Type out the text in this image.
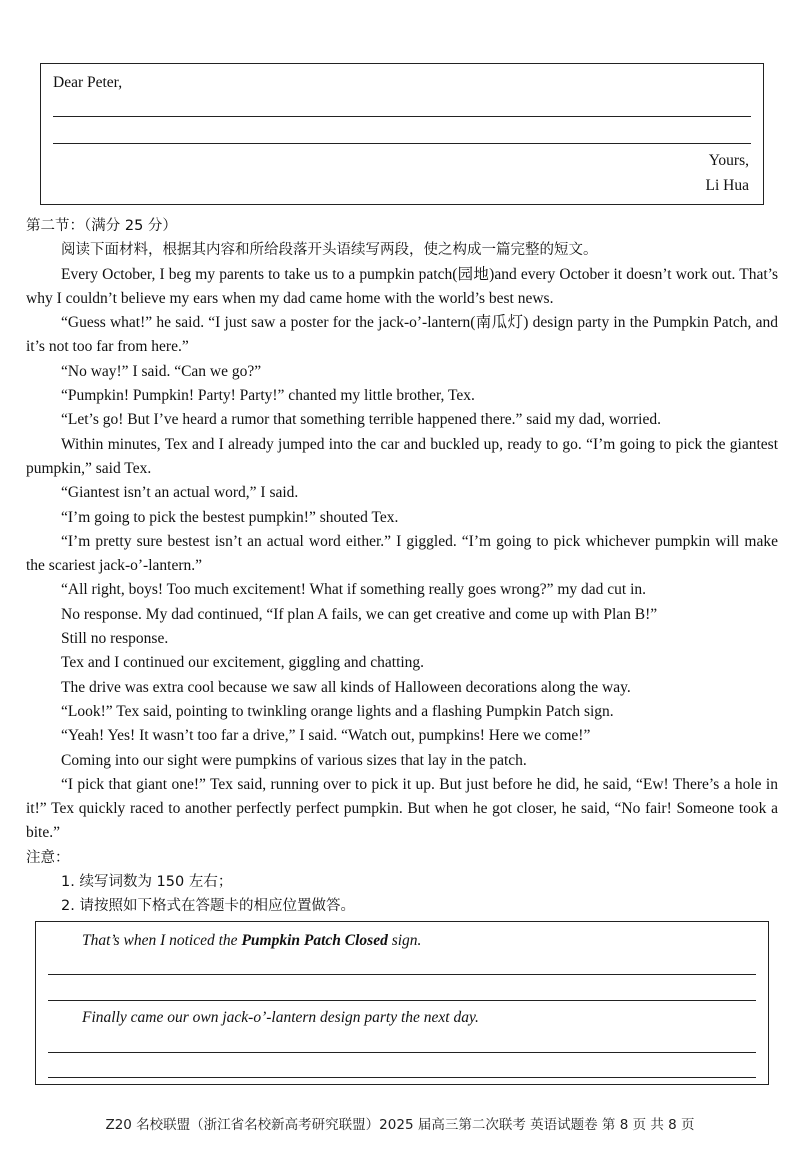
Dear Peter,
Yours,
Li Hua

第二节：（满分 25 分）

阅读下面材料，根据其内容和所给段落开头语续写两段，使之构成一篇完整的短文。

Every October, I beg my parents to take us to a pumpkin patch(园地)and every October it doesn’t work out. That’s why I couldn’t believe my ears when my dad came home with the world’s best news.

“Guess what!” he said. “I just saw a poster for the jack-o’-lantern(南瓜灯) design party in the Pumpkin Patch, and it’s not too far from here.”

“No way!” I said. “Can we go?”

“Pumpkin! Pumpkin! Party! Party!” chanted my little brother, Tex.

“Let’s go! But I’ve heard a rumor that something terrible happened there.” said my dad, worried.

Within minutes, Tex and I already jumped into the car and buckled up, ready to go. “I’m going to pick the giantest pumpkin,” said Tex.

“Giantest isn’t an actual word,” I said.

“I’m going to pick the bestest pumpkin!” shouted Tex.

“I’m pretty sure bestest isn’t an actual word either.” I giggled. “I’m going to pick whichever pumpkin will make the scariest jack-o’-lantern.”

“All right, boys! Too much excitement! What if something really goes wrong?” my dad cut in.

No response. My dad continued, “If plan A fails, we can get creative and come up with Plan B!”

Still no response.

Tex and I continued our excitement, giggling and chatting.

The drive was extra cool because we saw all kinds of Halloween decorations along the way.

“Look!” Tex said, pointing to twinkling orange lights and a flashing Pumpkin Patch sign.

“Yeah! Yes! It wasn’t too far a drive,” I said. “Watch out, pumpkins! Here we come!”

Coming into our sight were pumpkins of various sizes that lay in the patch.

“I pick that giant one!” Tex said, running over to pick it up. But just before he did, he said, “Ew! There’s a hole in it!” Tex quickly raced to another perfectly perfect pumpkin. But when he got closer, he said, “No fair! Someone took a bite.”

注意：

1. 续写词数为 150 左右；

2. 请按照如下格式在答题卡的相应位置做答。

That’s when I noticed the Pumpkin Patch Closed sign.
Finally came our own jack-o’-lantern design party the next day.
Z20 名校联盟（浙江省名校新高考研究联盟）2025 届高三第二次联考 英语试题卷 第 8 页 共 8 页
